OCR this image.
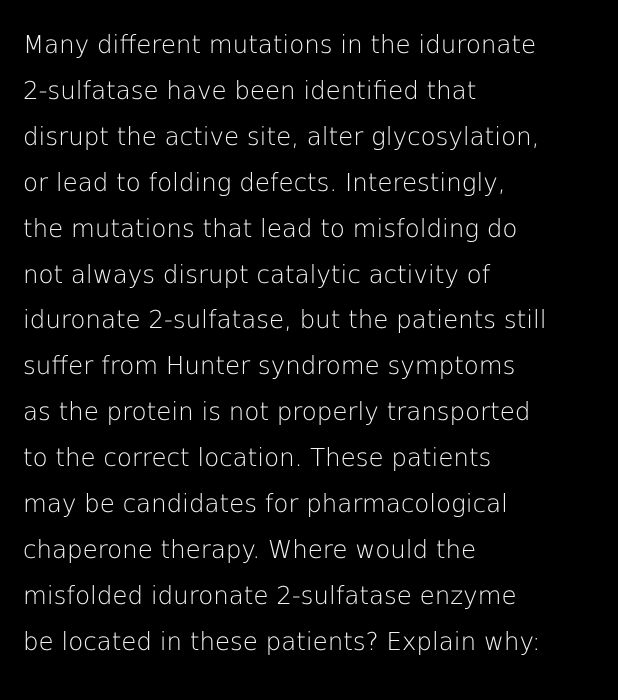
Many different mutations in the iduronate
2-sulfatase have been identified that
disrupt the active site, alter glycosylation,
or lead to folding defects. Interestingly,
the mutations that lead to misfolding do
not always disrupt catalytic activity of
iduronate 2-sulfatase, but the patients still
suffer from Hunter syndrome symptoms
as the protein is not properly transported
to the correct location. These patients
may be candidates for pharmacological
chaperone therapy. Where would the
misfolded iduronate 2-sulfatase enzyme
be located in these patients? Explain why:
